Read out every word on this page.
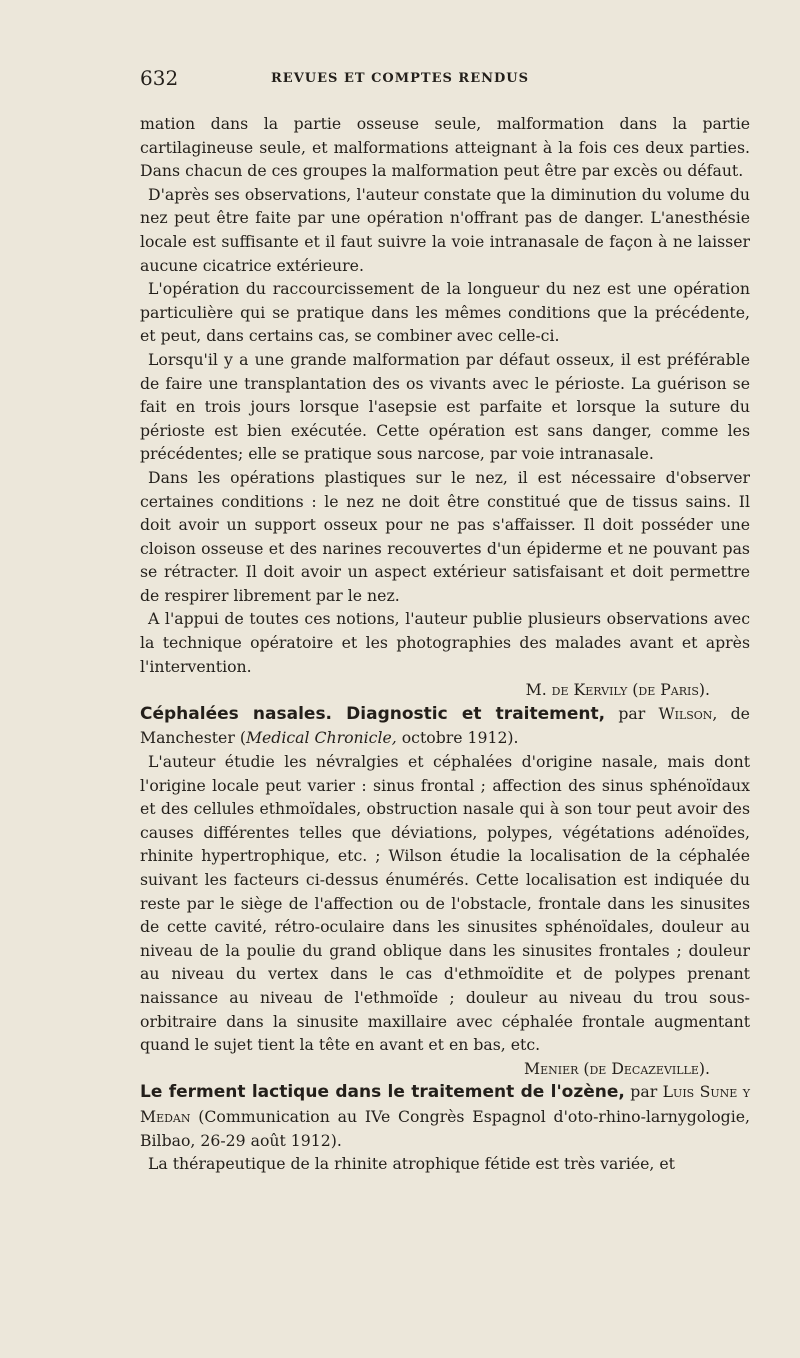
632	REVUES ET COMPTES RENDUS

mation dans la partie osseuse seule, malformation dans la partie cartilagineuse seule, et malformations atteignant à la fois ces deux parties. Dans chacun de ces groupes la malformation peut être par excès ou défaut.

D'après ses observations, l'auteur constate que la diminution du volume du nez peut être faite par une opération n'offrant pas de danger. L'anesthésie locale est suffisante et il faut suivre la voie intranasale de façon à ne laisser aucune cicatrice extérieure.

L'opération du raccourcissement de la longueur du nez est une opération particulière qui se pratique dans les mêmes conditions que la précédente, et peut, dans certains cas, se combiner avec celle-ci.

Lorsqu'il y a une grande malformation par défaut osseux, il est préférable de faire une transplantation des os vivants avec le périoste. La guérison se fait en trois jours lorsque l'asepsie est parfaite et lorsque la suture du périoste est bien exécutée. Cette opération est sans danger, comme les précédentes; elle se pratique sous narcose, par voie intranasale.

Dans les opérations plastiques sur le nez, il est nécessaire d'observer certaines conditions : le nez ne doit être constitué que de tissus sains. Il doit avoir un support osseux pour ne pas s'affaisser. Il doit posséder une cloison osseuse et des narines recouvertes d'un épiderme et ne pouvant pas se rétracter. Il doit avoir un aspect extérieur satisfaisant et doit permettre de respirer librement par le nez.

A l'appui de toutes ces notions, l'auteur publie plusieurs observations avec la technique opératoire et les photographies des malades avant et après l'intervention.

M. de Kervily (de Paris).

Céphalées nasales. Diagnostic et traitement, par Wilson, de Manchester (Medical Chronicle, octobre 1912).

L'auteur étudie les névralgies et céphalées d'origine nasale, mais dont l'origine locale peut varier : sinus frontal ; affection des sinus sphénoïdaux et des cellules ethmoïdales, obstruction nasale qui à son tour peut avoir des causes différentes telles que déviations, polypes, végétations adénoïdes, rhinite hypertrophique, etc. ; Wilson étudie la localisation de la céphalée suivant les facteurs ci-dessus énumérés. Cette localisation est indiquée du reste par le siège de l'affection ou de l'obstacle, frontale dans les sinusites de cette cavité, rétro-oculaire dans les sinusites sphénoïdales, douleur au niveau de la poulie du grand oblique dans les sinusites frontales ; douleur au niveau du vertex dans le cas d'ethmoïdite et de polypes prenant naissance au niveau de l'ethmoïde ; douleur au niveau du trou sous-orbitraire dans la sinusite maxillaire avec céphalée frontale augmentant quand le sujet tient la tête en avant et en bas, etc.

Menier (de Decazeville).

Le ferment lactique dans le traitement de l'ozène, par Luis Sune y Medan (Communication au IVe Congrès Espagnol d'oto-rhino-larnygologie, Bilbao, 26-29 août 1912).

La thérapeutique de la rhinite atrophique fétide est très variée, et
